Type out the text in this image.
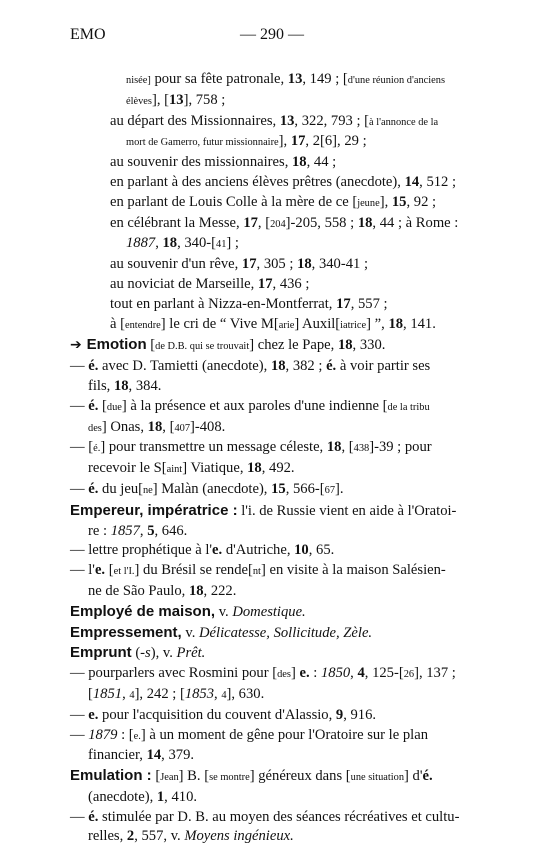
EMO	— 290 —
nisée] pour sa fête patronale, 13, 149 ; [d'une réunion d'anciens
élèves], [13], 758 ;
au départ des Missionnaires, 13, 322, 793 ; [à l'annonce de la
mort de Gamerro, futur missionnaire], 17, 2[6], 29 ;
au souvenir des missionnaires, 18, 44 ;
en parlant à des anciens élèves prêtres (anecdote), 14, 512 ;
en parlant de Louis Colle à la mère de ce [jeune], 15, 92 ;
en célébrant la Messe, 17, [204]-205, 558 ; 18, 44 ; à Rome :
1887, 18, 340-[41] ;
au souvenir d'un rêve, 17, 305 ; 18, 340-41 ;
au noviciat de Marseille, 17, 436 ;
tout en parlant à Nizza-en-Montferrat, 17, 557 ;
à [entendre] le cri de “ Vive M[arie] Auxil[iatrice] ”, 18, 141.
➔ Emotion [de D.B. qui se trouvait] chez le Pape, 18, 330.
— é. avec D. Tamietti (anecdote), 18, 382 ; é. à voir partir ses
fils, 18, 384.
— é. [due] à la présence et aux paroles d'une indienne [de la tribu
des] Onas, 18, [407]-408.
— [é.] pour transmettre un message céleste, 18, [438]-39 ; pour
recevoir le S[aint] Viatique, 18, 492.
— é. du jeu[ne] Malàn (anecdote), 15, 566-[67].
Empereur, impératrice : l'i. de Russie vient en aide à l'Oratoi-
re : 1857, 5, 646.
— lettre prophétique à l'e. d'Autriche, 10, 65.
— l'e. [et l'I.] du Brésil se rende[nt] en visite à la maison Salésien-
ne de São Paulo, 18, 222.
Employé de maison, v. Domestique.
Empressement, v. Délicatesse, Sollicitude, Zèle.
Emprunt (-s), v. Prêt.
— pourparlers avec Rosmini pour [des] e. : 1850, 4, 125-[26], 137 ;
[1851, 4], 242 ; [1853, 4], 630.
— e. pour l'acquisition du couvent d'Alassio, 9, 916.
— 1879 : [e.] à un moment de gêne pour l'Oratoire sur le plan
financier, 14, 379.
Emulation : [Jean] B. [se montre] généreux dans [une situation] d'é.
(anecdote), 1, 410.
— é. stimulée par D. B. au moyen des séances récréatives et cultu-
relles, 2, 557, v. Moyens ingénieux.
